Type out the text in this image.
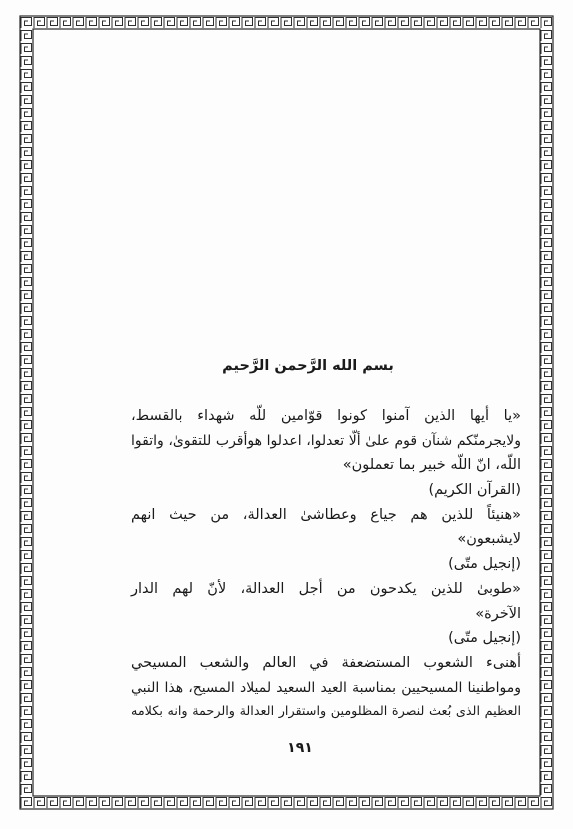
بسم الله الرَّحمن الرَّحيم
«يا أيها الذين آمنوا كونوا قوّامين للّه شهداء بالقسط،
ولايجرمنّكم شنآن قوم علىٰ ألّا تعدلوا، اعدلوا هوأقرب للتقوىٰ، واتقوا
اللّه، انّ اللّه خبير بما تعملون»
(القرآن الكريم)
«هنيئاً للذين هم جياع وعطاشىٰ العدالة، من حيث انهم
لايشبعون»
(إنجيل متّى)
«طوبىٰ للذين يكدحون من أجل العدالة، لأنّ لهم الدار
الآخرة»
(إنجيل متّى)
أهنىء الشعوب المستضعفة في العالم والشعب المسيحي
ومواطنينا المسيحيين بمناسبة العيد السعيد لميلاد المسيح، هذا النبي
العظيم الذى بُعث لنصرة المظلومين واستقرار العدالة والرحمة وانه بكلامه
١٩١
